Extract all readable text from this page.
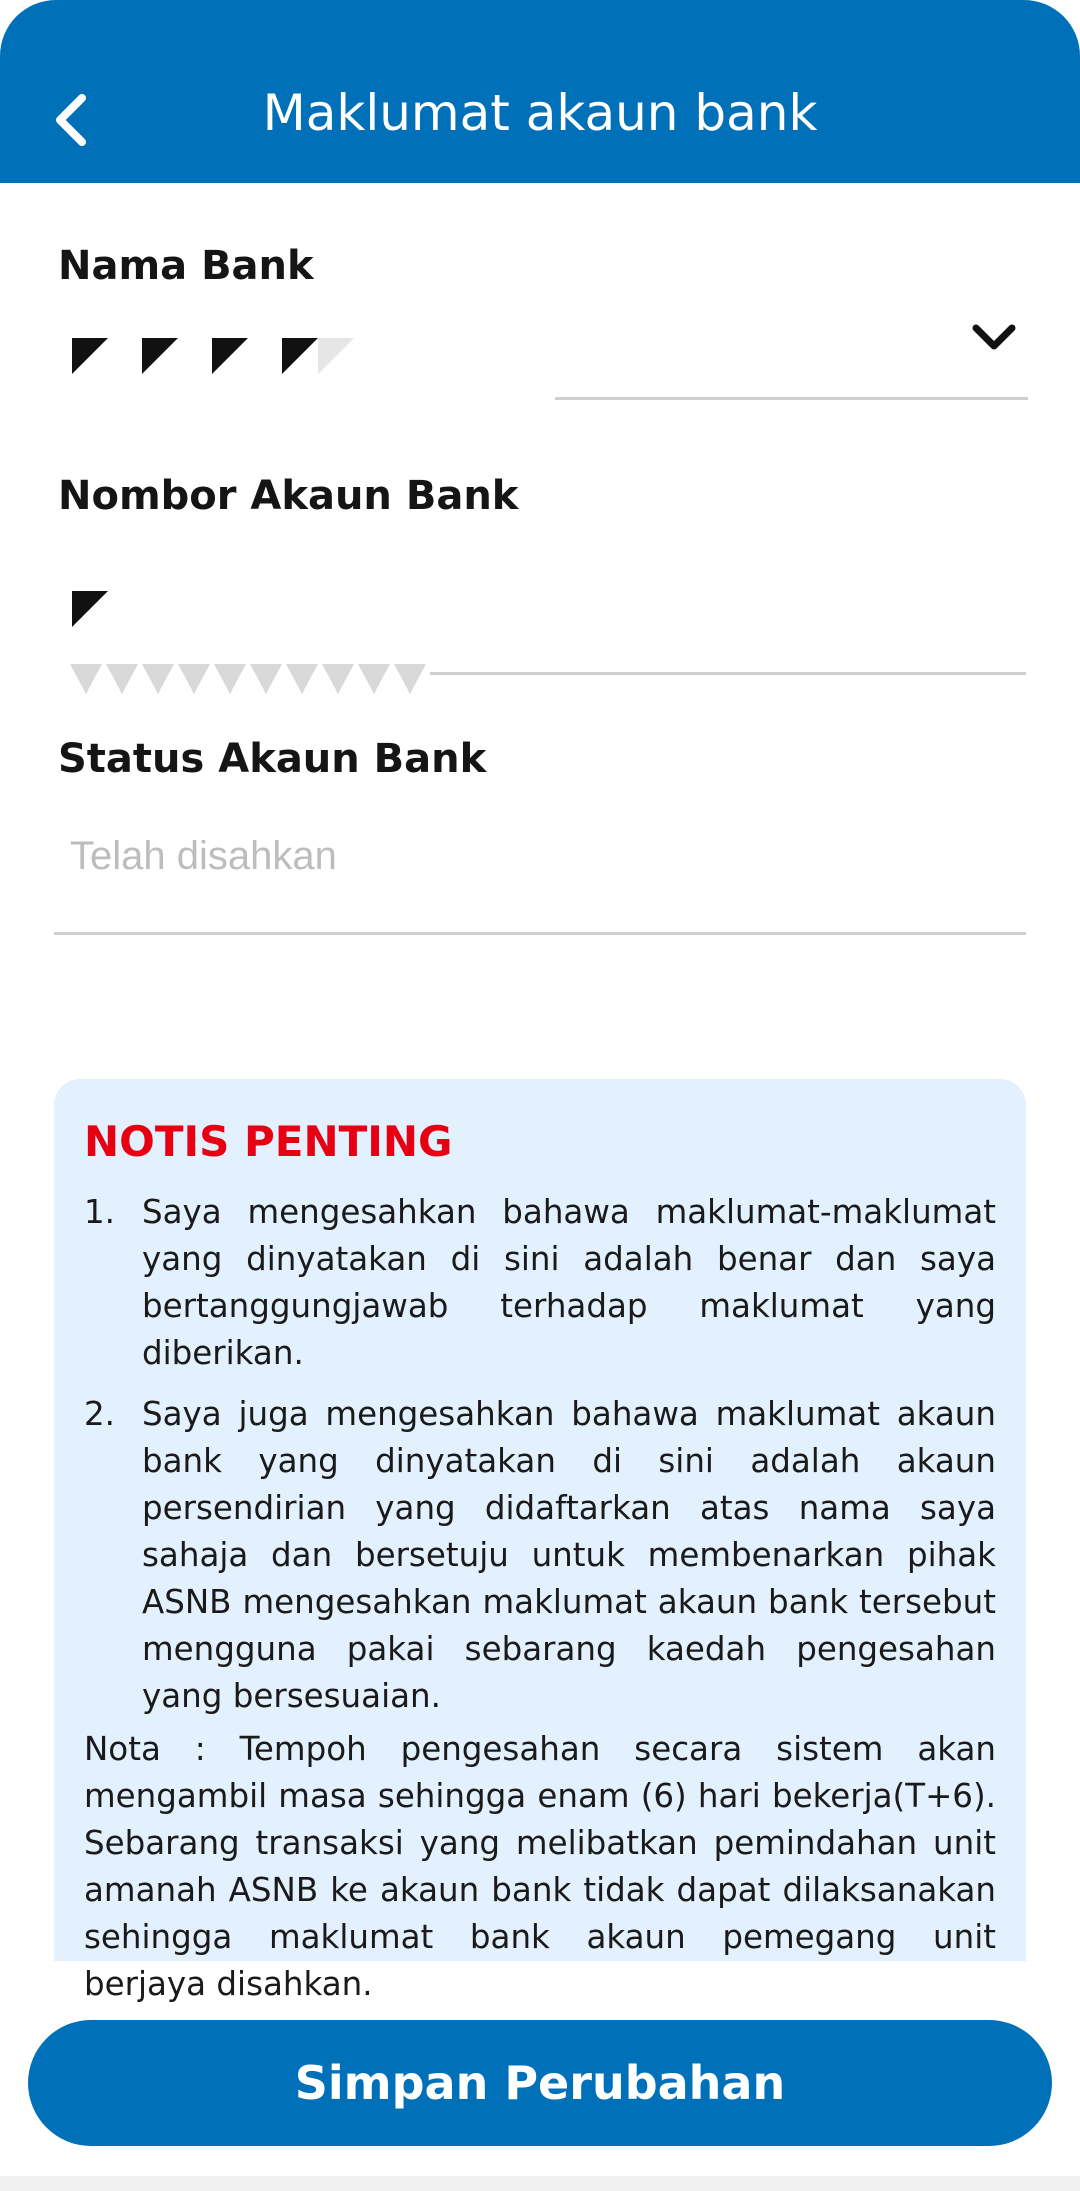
Maklumat akaun bank
Nama Bank
Nombor Akaun Bank
Status Akaun Bank
Telah disahkan
NOTIS PENTING
1. Saya mengesahkan bahawa maklumat-maklumat yang dinyatakan di sini adalah benar dan saya bertanggungjawab terhadap maklumat yang diberikan.
2. Saya juga mengesahkan bahawa maklumat akaun bank yang dinyatakan di sini adalah akaun persendirian yang didaftarkan atas nama saya sahaja dan bersetuju untuk membenarkan pihak ASNB mengesahkan maklumat akaun bank tersebut mengguna pakai sebarang kaedah pengesahan yang bersesuaian.
Nota : Tempoh pengesahan secara sistem akan mengambil masa sehingga enam (6) hari bekerja(T+6). Sebarang transaksi yang melibatkan pemindahan unit amanah ASNB ke akaun bank tidak dapat dilaksanakan sehingga maklumat bank akaun pemegang unit berjaya disahkan.
Simpan Perubahan
